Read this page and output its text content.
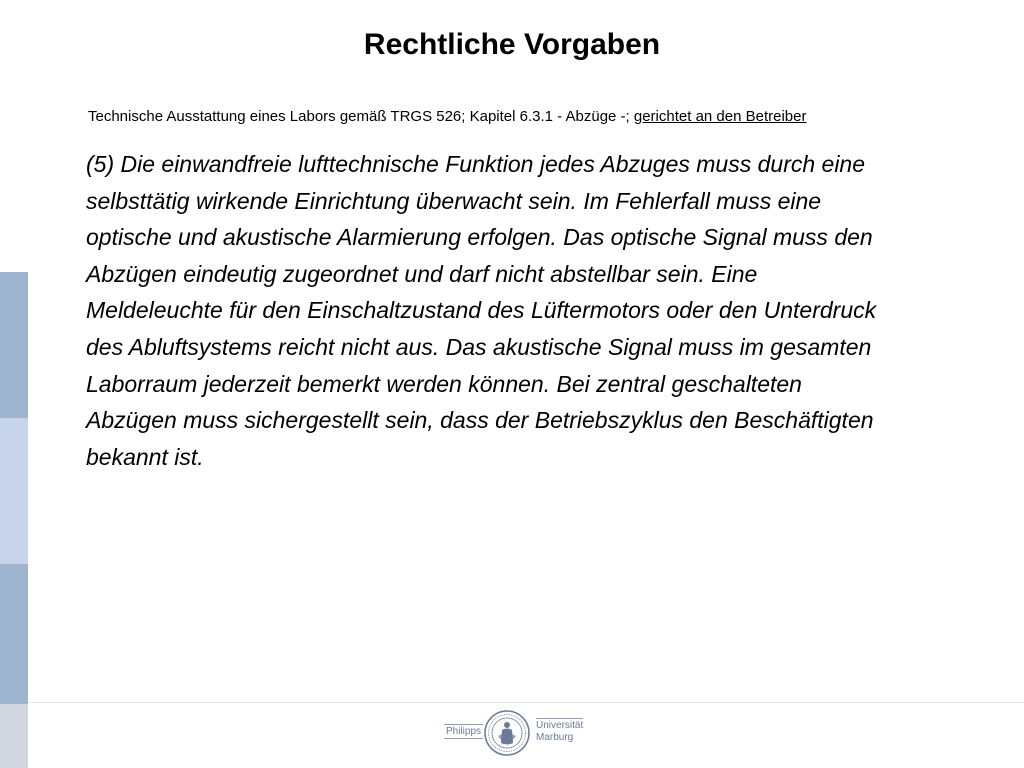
Rechtliche Vorgaben
Technische Ausstattung eines Labors gemäß TRGS 526; Kapitel 6.3.1 - Abzüge -; gerichtet an den Betreiber
(5) Die einwandfreie lufttechnische Funktion jedes Abzuges muss durch eine
selbsttätig wirkende Einrichtung überwacht sein. Im Fehlerfall muss eine
optische und akustische Alarmierung erfolgen. Das optische Signal muss den
Abzügen eindeutig zugeordnet und darf nicht abstellbar sein. Eine
Meldeleuchte für den Einschaltzustand des Lüftermotors oder den Unterdruck
des Abluftsystems reicht nicht aus. Das akustische Signal muss im gesamten
Laborraum jederzeit bemerkt werden können. Bei zentral geschalteten
Abzügen muss sichergestellt sein, dass der Betriebszyklus den Beschäftigten
bekannt ist.
Philipps
Universität
Marburg
